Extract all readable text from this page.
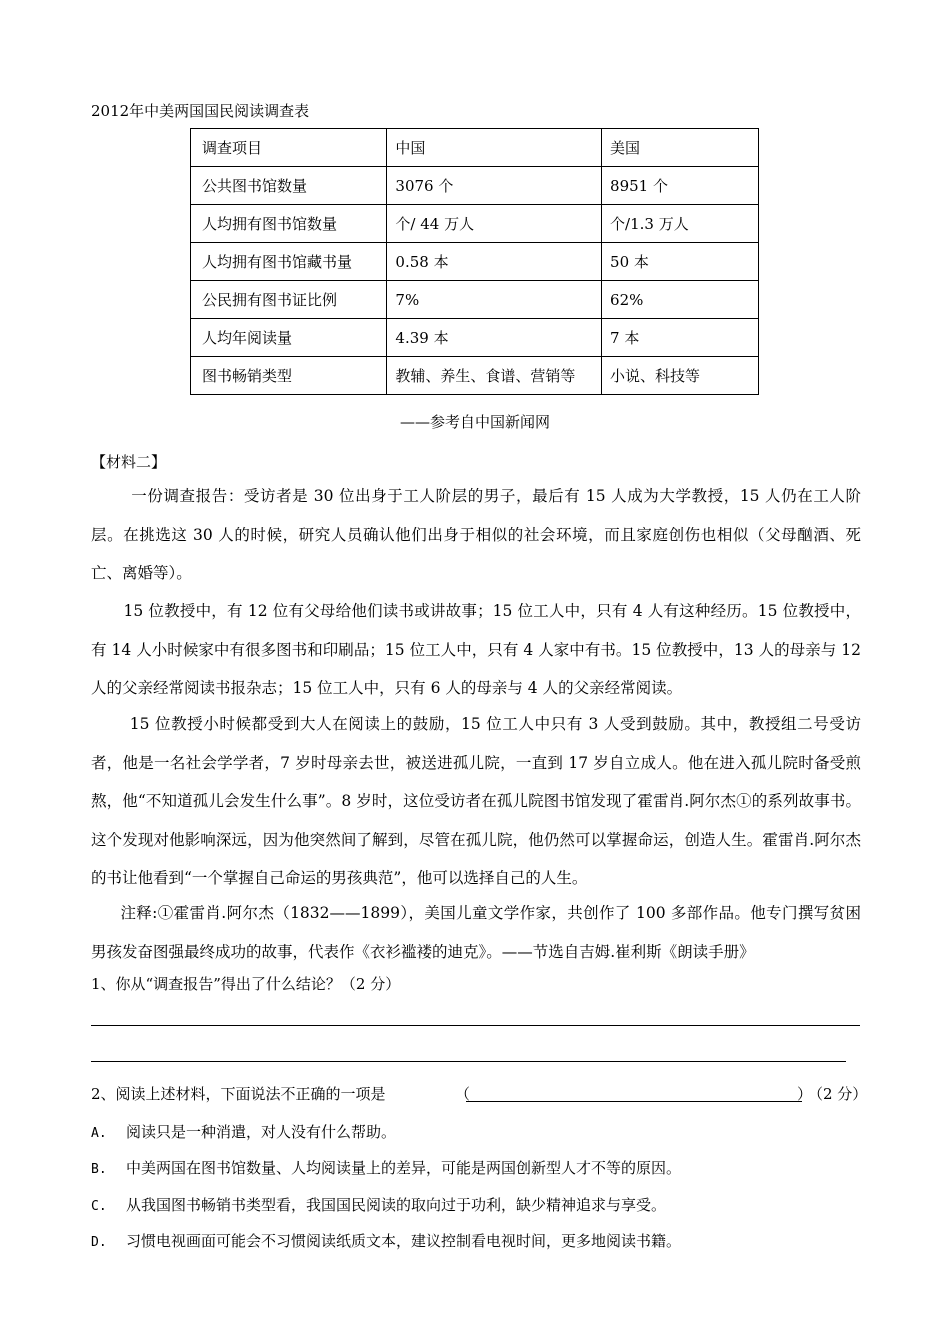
2012年中美两国国民阅读调查表
调查项目	中国	美国
公共图书馆数量	3076 个	8951 个
人均拥有图书馆数量	个/ 44 万人	个/1.3 万人
人均拥有图书馆藏书量	0.58 本	50 本
公民拥有图书证比例	7%	62%
人均年阅读量	4.39 本	7 本
图书畅销类型	教辅、养生、食谱、营销等	小说、科技等
——参考自中国新闻网
【材料二】
一份调查报告：受访者是 30 位出身于工人阶层的男子，最后有 15 人成为大学教授，15 人仍在工人阶层。在挑选这 30 人的时候，研究人员确认他们出身于相似的社会环境，而且家庭创伤也相似（父母酗酒、死亡、离婚等）。
15 位教授中，有 12 位有父母给他们读书或讲故事；15 位工人中，只有 4 人有这种经历。15 位教授中，有 14 人小时候家中有很多图书和印刷品；15 位工人中，只有 4 人家中有书。15 位教授中，13 人的母亲与 12 人的父亲经常阅读书报杂志；15 位工人中，只有 6 人的母亲与 4 人的父亲经常阅读。
15 位教授小时候都受到大人在阅读上的鼓励，15 位工人中只有 3 人受到鼓励。其中，教授组二号受访者，他是一名社会学学者，7 岁时母亲去世，被送进孤儿院，一直到 17 岁自立成人。他在进入孤儿院时备受煎熬，他“不知道孤儿会发生什么事”。8 岁时，这位受访者在孤儿院图书馆发现了霍雷肖.阿尔杰①的系列故事书。这个发现对他影响深远，因为他突然间了解到，尽管在孤儿院，他仍然可以掌握命运，创造人生。霍雷肖.阿尔杰的书让他看到“一个掌握自己命运的男孩典范”，他可以选择自己的人生。
注释:①霍雷肖.阿尔杰（1832——1899），美国儿童文学作家，共创作了 100 多部作品。他专门撰写贫困男孩发奋图强最终成功的故事，代表作《衣衫褴褛的迪克》。——节选自吉姆.崔利斯《朗读手册》
1、你从“调查报告”得出了什么结论？（2 分）
2、阅读上述材料，下面说法不正确的一项是	（	）
（2 分）
A. 阅读只是一种消遣，对人没有什么帮助。
B. 中美两国在图书馆数量、人均阅读量上的差异，可能是两国创新型人才不等的原因。
C. 从我国图书畅销书类型看，我国国民阅读的取向过于功利，缺少精神追求与享受。
D. 习惯电视画面可能会不习惯阅读纸质文本，建议控制看电视时间，更多地阅读书籍。
